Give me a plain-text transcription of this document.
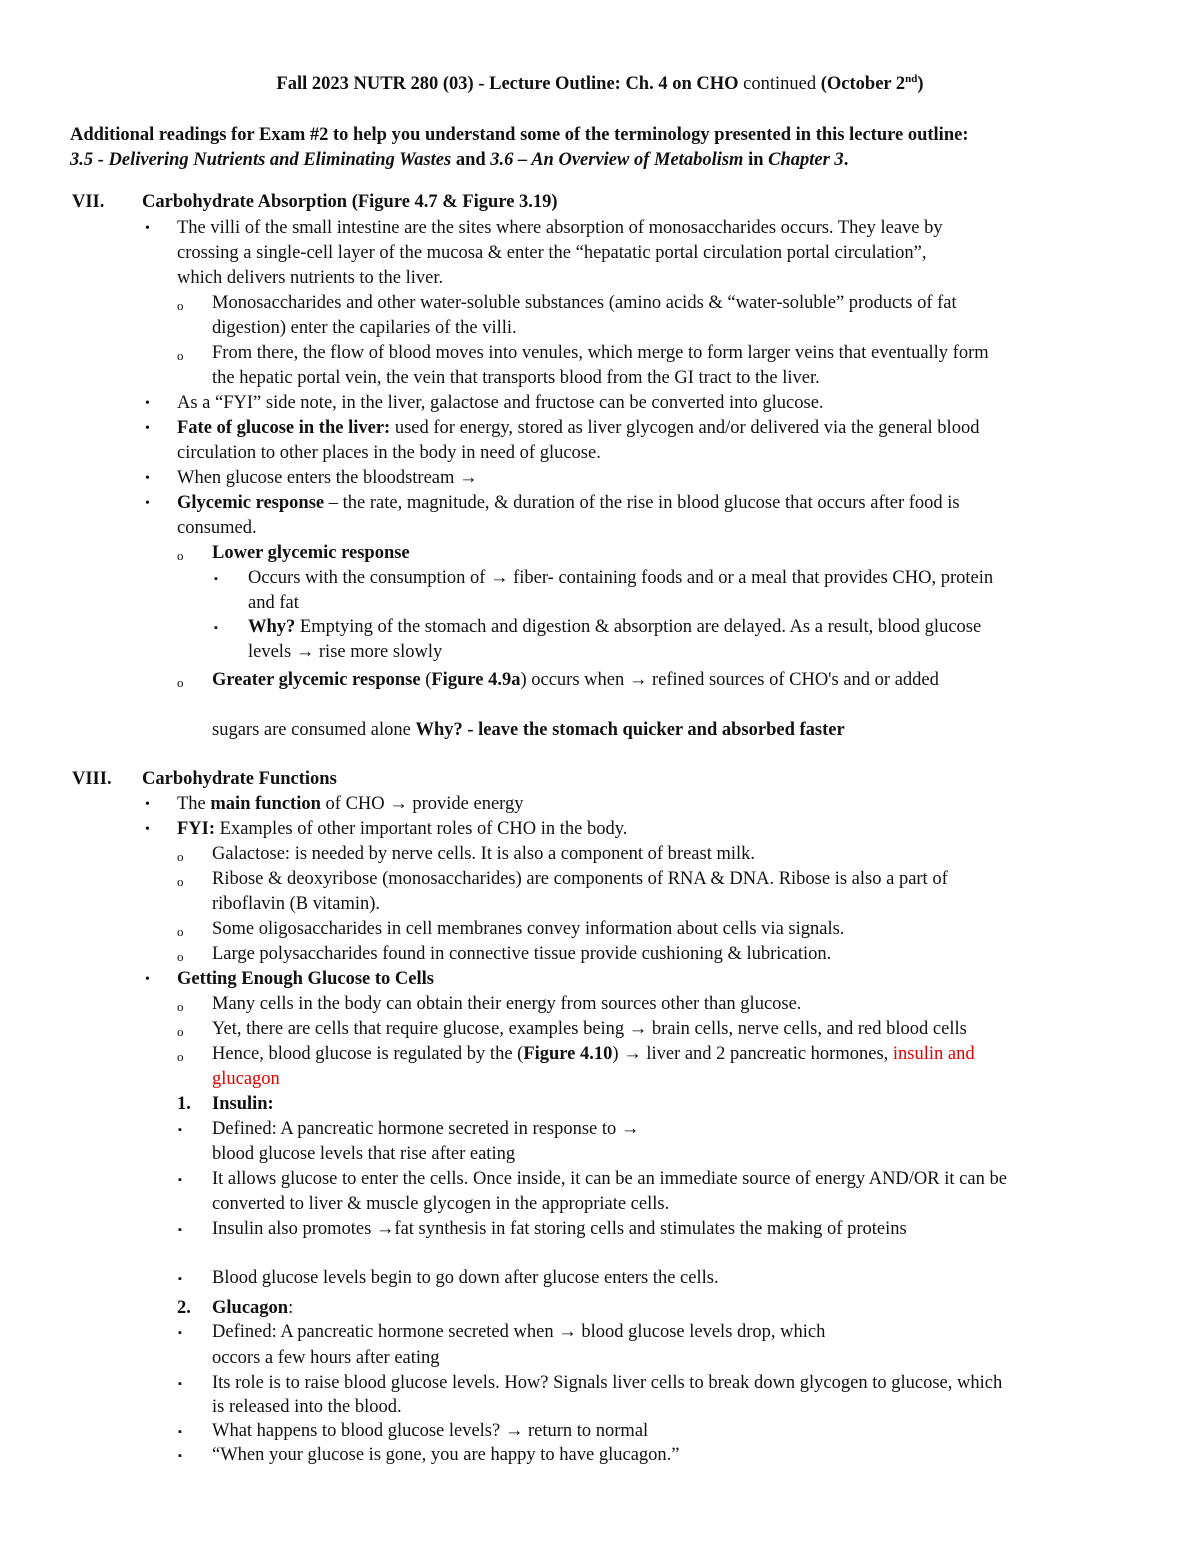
Fall 2023 NUTR 280 (03) - Lecture Outline: Ch. 4 on CHO continued (October 2nd)
Additional readings for Exam #2 to help you understand some of the terminology presented in this lecture outline:
3.5 - Delivering Nutrients and Eliminating Wastes and 3.6 – An Overview of Metabolism in Chapter 3.
VII. Carbohydrate Absorption (Figure 4.7 & Figure 3.19)
• The villi of the small intestine are the sites where absorption of monosaccharides occurs. They leave by
crossing a single-cell layer of the mucosa & enter the “hepatatic portal circulation portal circulation”,
which delivers nutrients to the liver.
o Monosaccharides and other water-soluble substances (amino acids & “water-soluble” products of fat
digestion) enter the capilaries of the villi.
o From there, the flow of blood moves into venules, which merge to form larger veins that eventually form
the hepatic portal vein, the vein that transports blood from the GI tract to the liver.
• As a “FYI” side note, in the liver, galactose and fructose can be converted into glucose.
• Fate of glucose in the liver: used for energy, stored as liver glycogen and/or delivered via the general blood
circulation to other places in the body in need of glucose.
• When glucose enters the bloodstream →
• Glycemic response – the rate, magnitude, & duration of the rise in blood glucose that occurs after food is
consumed.
o Lower glycemic response
▪ Occurs with the consumption of → fiber- containing foods and or a meal that provides CHO, protein
and fat
▪ Why? Emptying of the stomach and digestion & absorption are delayed. As a result, blood glucose
levels → rise more slowly
o Greater glycemic response (Figure 4.9a) occurs when → refined sources of CHO's and or added
sugars are consumed alone Why? - leave the stomach quicker and absorbed faster
VIII. Carbohydrate Functions
• The main function of CHO → provide energy
• FYI: Examples of other important roles of CHO in the body.
o Galactose: is needed by nerve cells. It is also a component of breast milk.
o Ribose & deoxyribose (monosaccharides) are components of RNA & DNA. Ribose is also a part of
riboflavin (B vitamin).
o Some oligosaccharides in cell membranes convey information about cells via signals.
o Large polysaccharides found in connective tissue provide cushioning & lubrication.
• Getting Enough Glucose to Cells
o Many cells in the body can obtain their energy from sources other than glucose.
o Yet, there are cells that require glucose, examples being → brain cells, nerve cells, and red blood cells
o Hence, blood glucose is regulated by the (Figure 4.10) → liver and 2 pancreatic hormones, insulin and
glucagon
1. Insulin:
▪ Defined: A pancreatic hormone secreted in response to →
blood glucose levels that rise after eating
▪ It allows glucose to enter the cells. Once inside, it can be an immediate source of energy AND/OR it can be
converted to liver & muscle glycogen in the appropriate cells.
▪ Insulin also promotes →fat synthesis in fat storing cells and stimulates the making of proteins
▪ Blood glucose levels begin to go down after glucose enters the cells.
2. Glucagon:
▪ Defined: A pancreatic hormone secreted when → blood glucose levels drop, which
occors a few hours after eating
▪ Its role is to raise blood glucose levels. How? Signals liver cells to break down glycogen to glucose, which
is released into the blood.
▪ What happens to blood glucose levels? → return to normal
▪ “When your glucose is gone, you are happy to have glucagon.”
